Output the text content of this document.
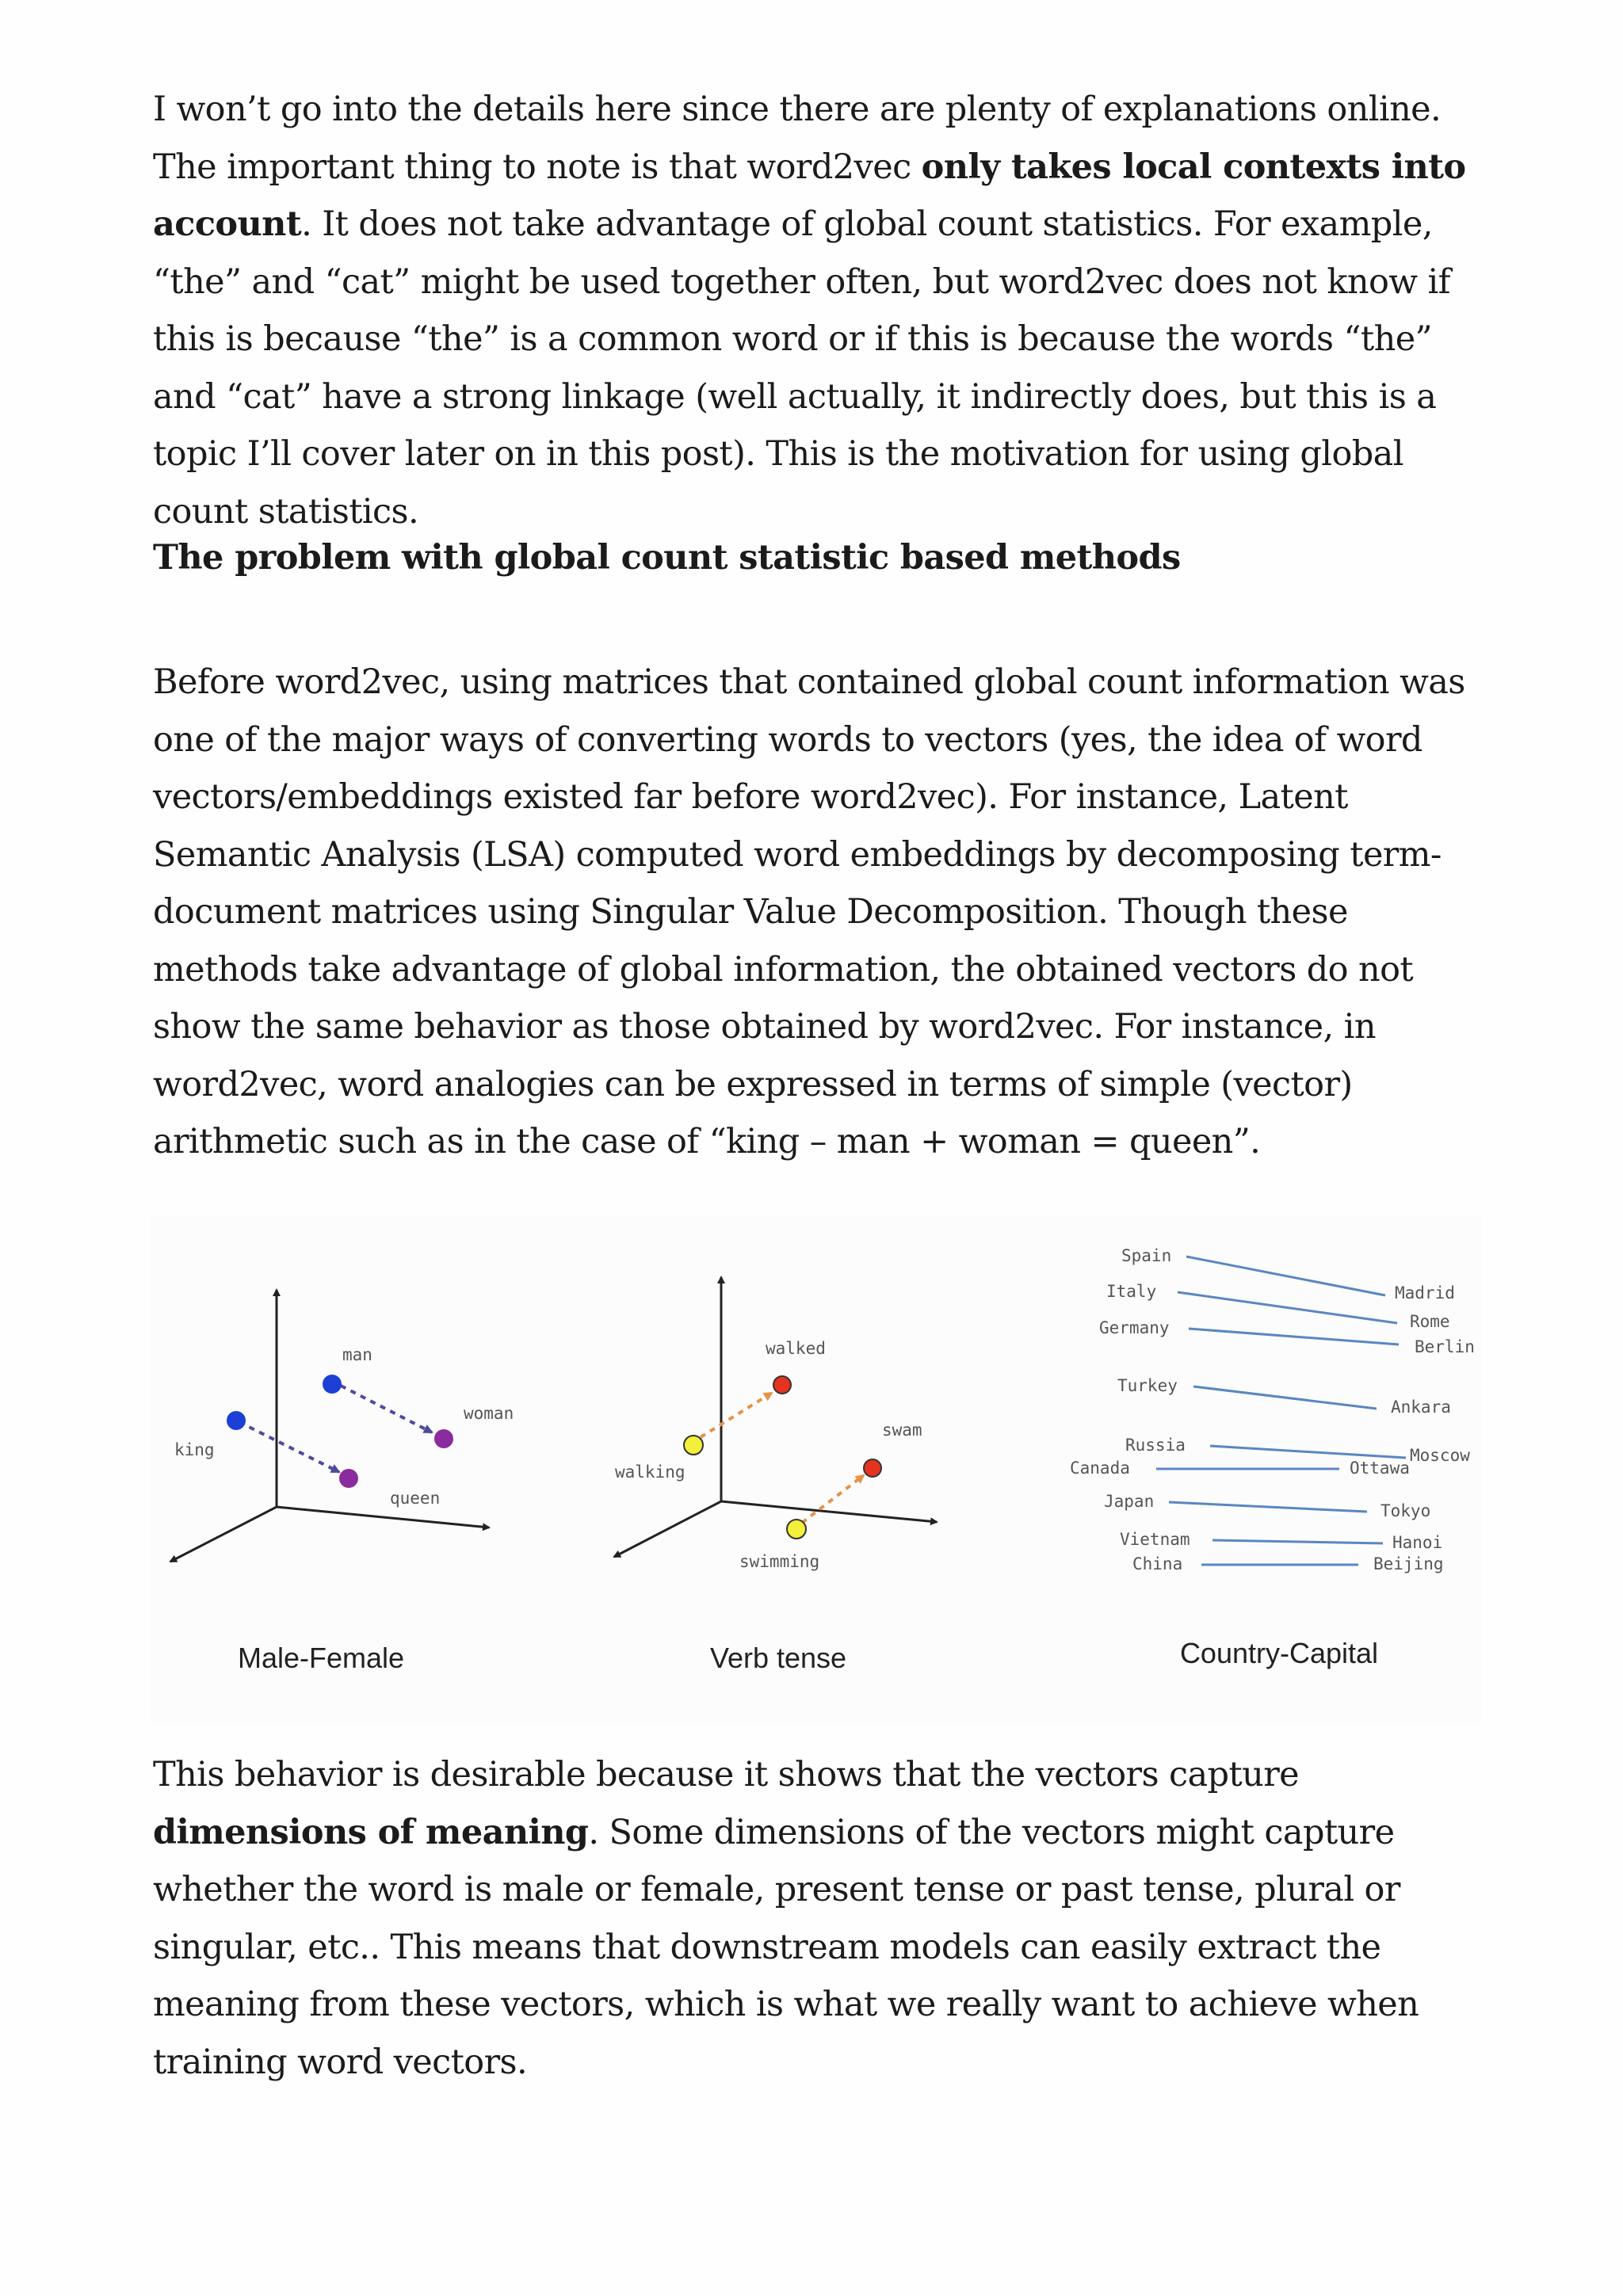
I won’t go into the details here since there are plenty of explanations online. The important thing to note is that word2vec only takes local contexts into account. It does not take advantage of global count statistics. For example, “the” and “cat” might be used together often, but word2vec does not know if this is because “the” is a common word or if this is because the words “the” and “cat” have a strong linkage (well actually, it indirectly does, but this is a topic I’ll cover later on in this post). This is the motivation for using global count statistics.

The problem with global count statistic based methods

Before word2vec, using matrices that contained global count information was one of the major ways of converting words to vectors (yes, the idea of word vectors/embeddings existed far before word2vec). For instance, Latent Semantic Analysis (LSA) computed word embeddings by decomposing term-document matrices using Singular Value Decomposition. Though these methods take advantage of global information, the obtained vectors do not show the same behavior as those obtained by word2vec. For instance, in word2vec, word analogies can be expressed in terms of simple (vector) arithmetic such as in the case of “king – man + woman = queen”.

man
woman
king
queen
Male-Female
walked
walking
swam
swimming
Verb tense
Spain
Italy
Germany
Turkey
Russia
Canada
Japan
Vietnam
China
Madrid
Rome
Berlin
Ankara
Moscow
Ottawa
Tokyo
Hanoi
Beijing
Country-Capital

This behavior is desirable because it shows that the vectors capture dimensions of meaning. Some dimensions of the vectors might capture whether the word is male or female, present tense or past tense, plural or singular, etc.. This means that downstream models can easily extract the meaning from these vectors, which is what we really want to achieve when training word vectors.
